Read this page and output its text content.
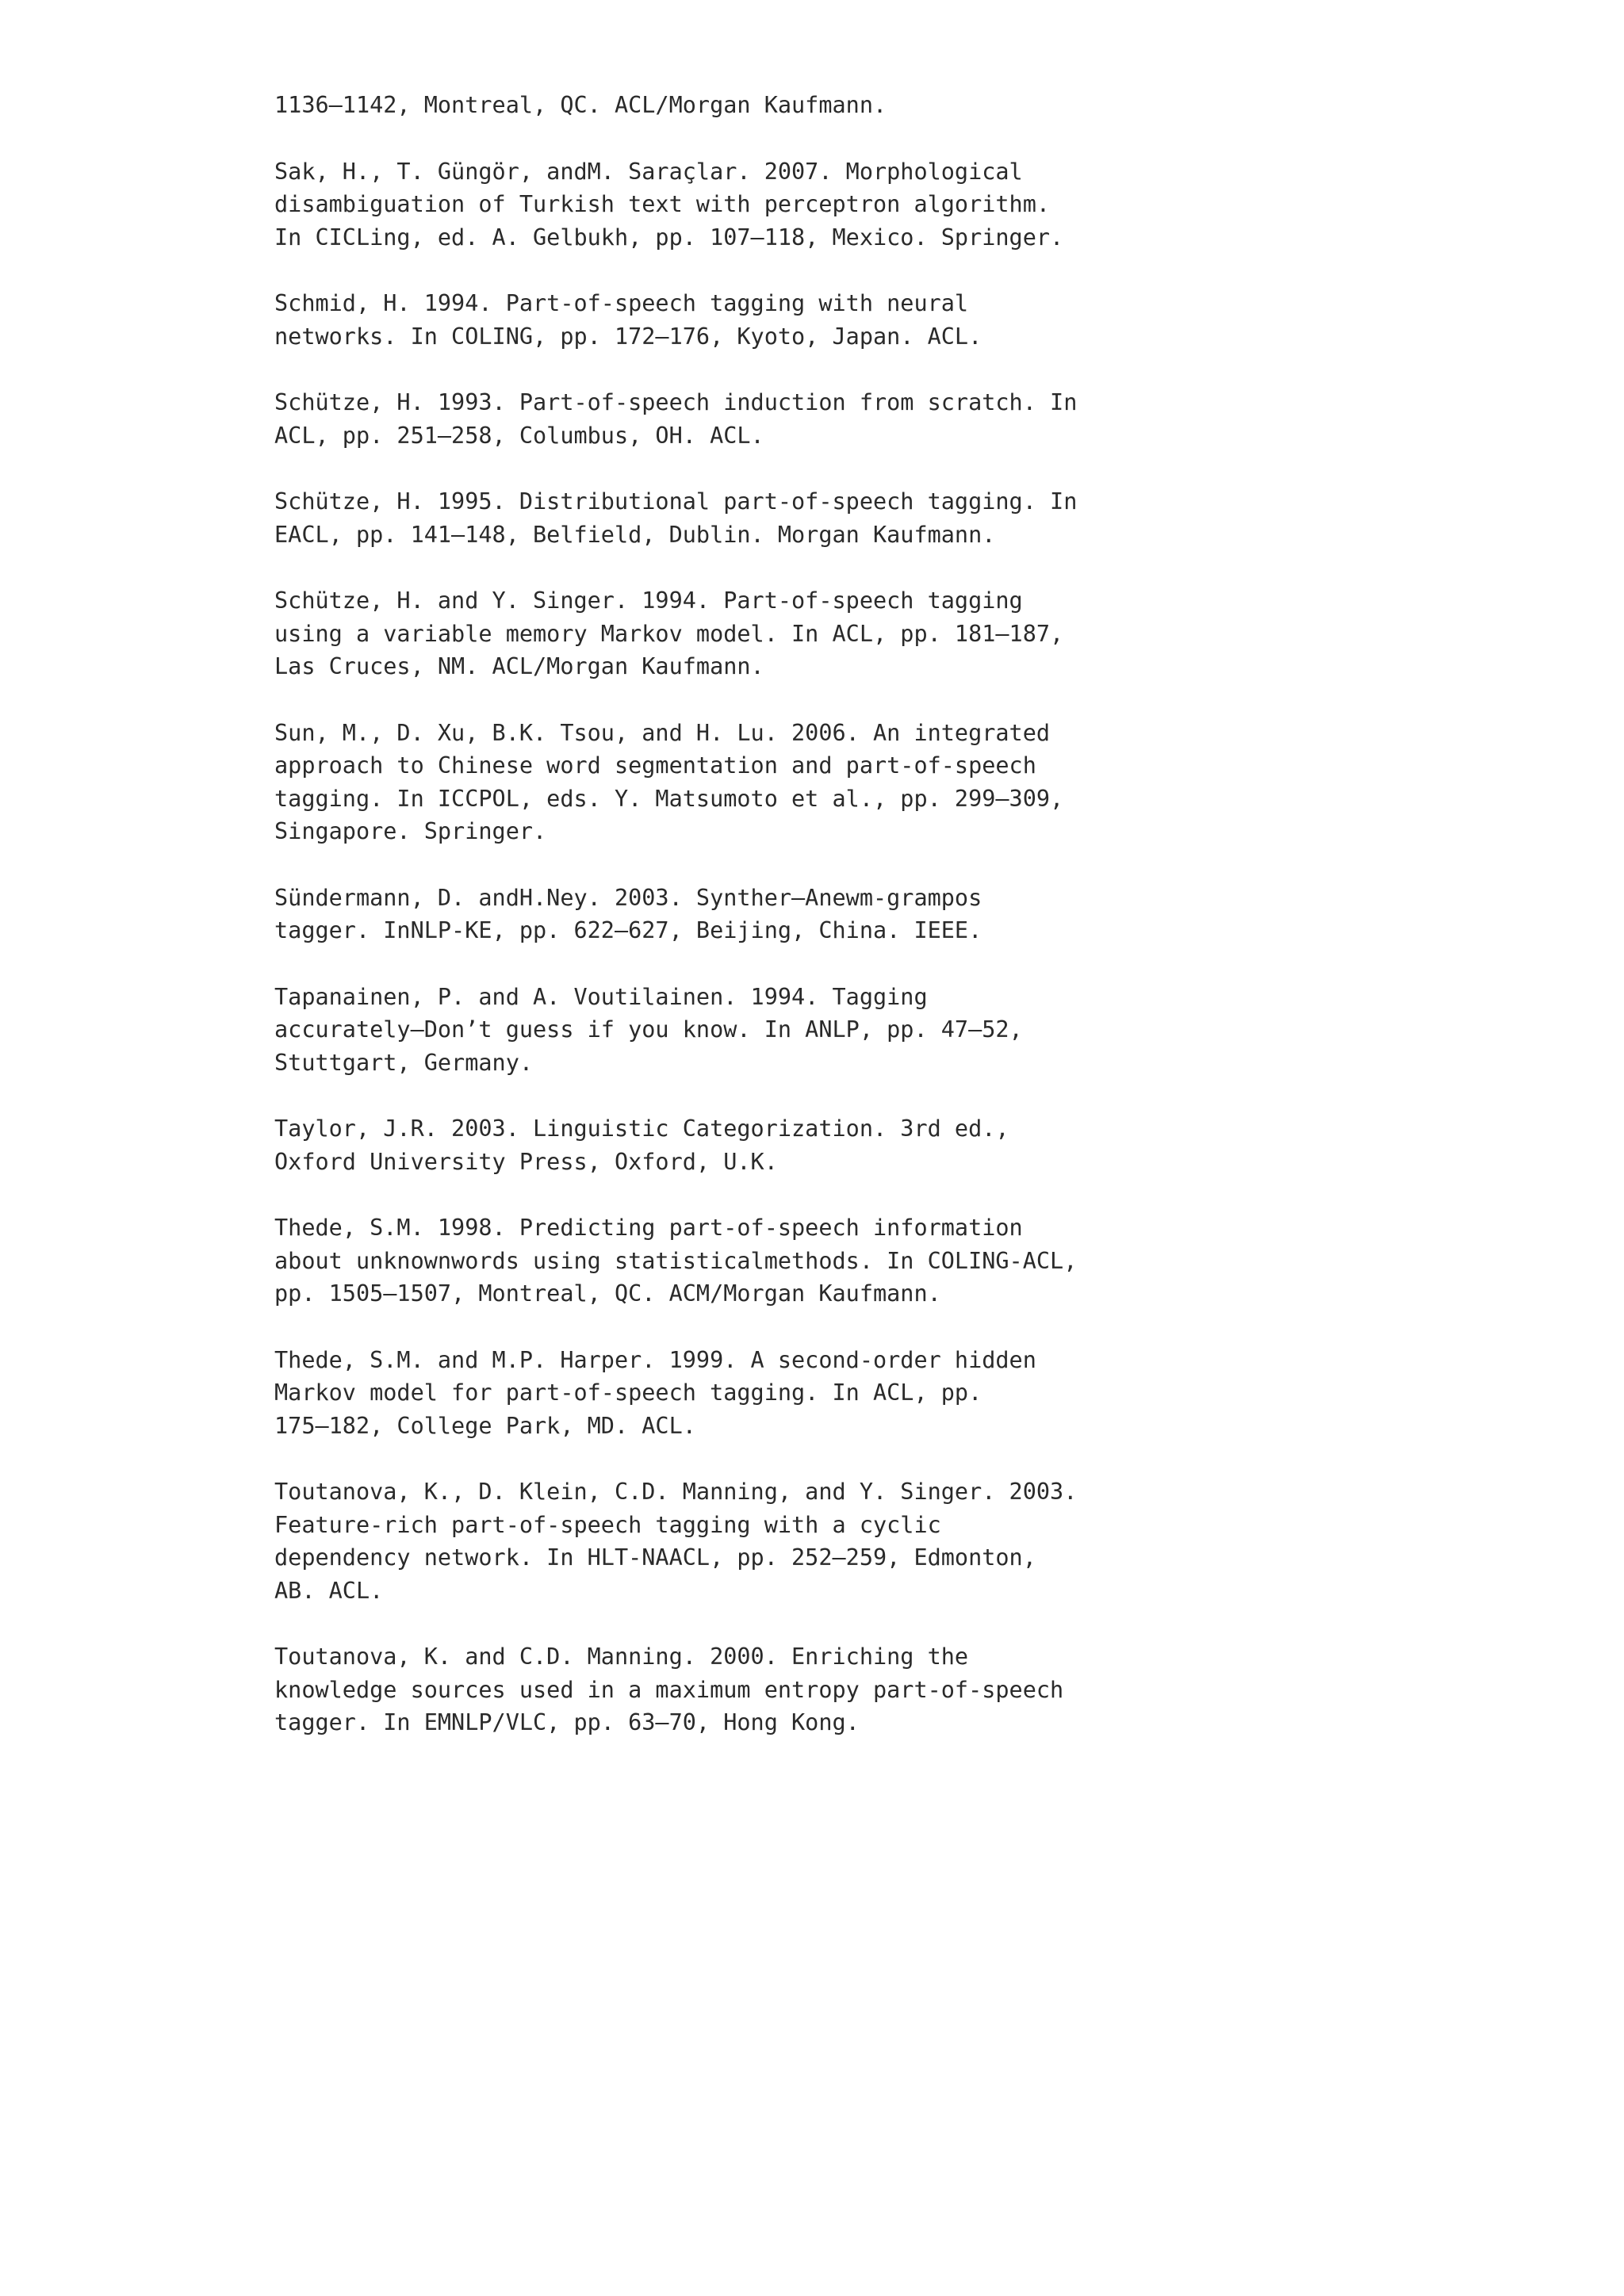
1136–1142, Montreal, QC. ACL/Morgan Kaufmann.
Sak, H., T. Güngör, andM. Saraçlar. 2007. Morphological
disambiguation of Turkish text with perceptron algorithm.
In CICLing, ed. A. Gelbukh, pp. 107–118, Mexico. Springer.
Schmid, H. 1994. Part-of-speech tagging with neural
networks. In COLING, pp. 172–176, Kyoto, Japan. ACL.
Schütze, H. 1993. Part-of-speech induction from scratch. In
ACL, pp. 251–258, Columbus, OH. ACL.
Schütze, H. 1995. Distributional part-of-speech tagging. In
EACL, pp. 141–148, Belfield, Dublin. Morgan Kaufmann.
Schütze, H. and Y. Singer. 1994. Part-of-speech tagging
using a variable memory Markov model. In ACL, pp. 181–187,
Las Cruces, NM. ACL/Morgan Kaufmann.
Sun, M., D. Xu, B.K. Tsou, and H. Lu. 2006. An integrated
approach to Chinese word segmentation and part-of-speech
tagging. In ICCPOL, eds. Y. Matsumoto et al., pp. 299–309,
Singapore. Springer.
Sündermann, D. andH.Ney. 2003. Synther—Anewm-grampos
tagger. InNLP-KE, pp. 622–627, Beijing, China. IEEE.
Tapanainen, P. and A. Voutilainen. 1994. Tagging
accurately—Don’t guess if you know. In ANLP, pp. 47–52,
Stuttgart, Germany.
Taylor, J.R. 2003. Linguistic Categorization. 3rd ed.,
Oxford University Press, Oxford, U.K.
Thede, S.M. 1998. Predicting part-of-speech information
about unknownwords using statisticalmethods. In COLING-ACL,
pp. 1505–1507, Montreal, QC. ACM/Morgan Kaufmann.
Thede, S.M. and M.P. Harper. 1999. A second-order hidden
Markov model for part-of-speech tagging. In ACL, pp.
175–182, College Park, MD. ACL.
Toutanova, K., D. Klein, C.D. Manning, and Y. Singer. 2003.
Feature-rich part-of-speech tagging with a cyclic
dependency network. In HLT-NAACL, pp. 252–259, Edmonton,
AB. ACL.
Toutanova, K. and C.D. Manning. 2000. Enriching the
knowledge sources used in a maximum entropy part-of-speech
tagger. In EMNLP/VLC, pp. 63–70, Hong Kong.
